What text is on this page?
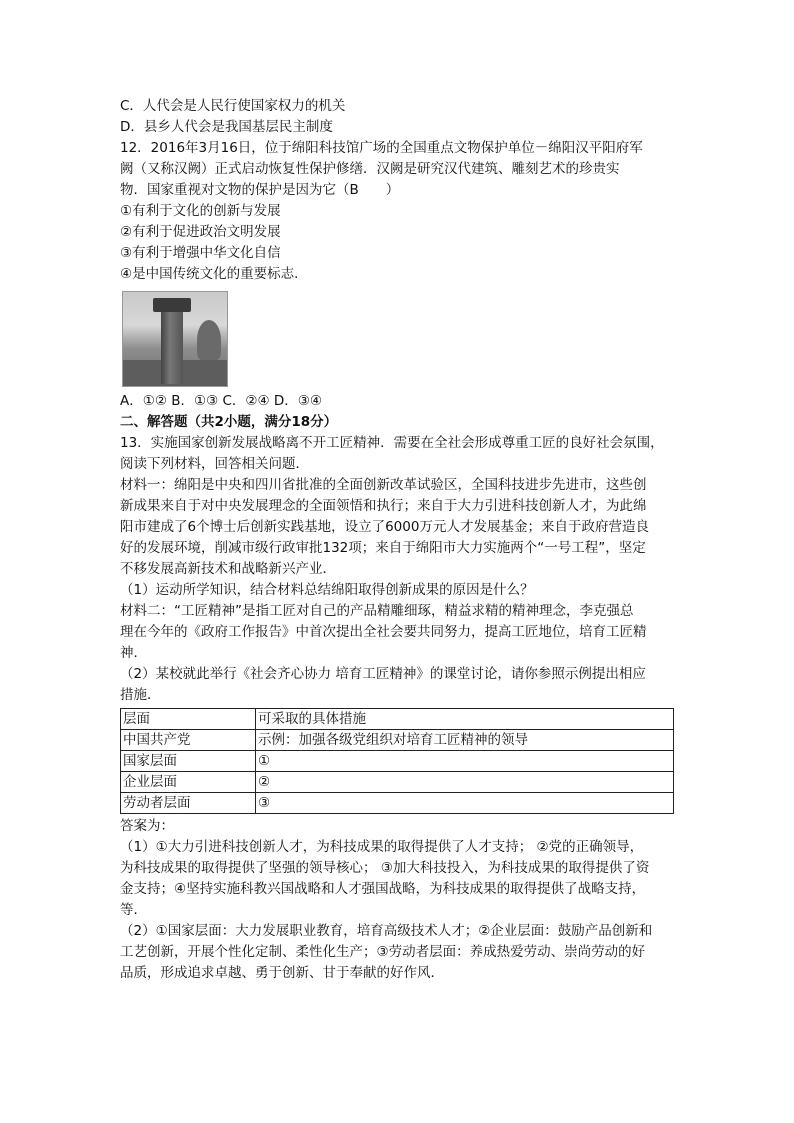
C．人代会是人民行使国家权力的机关
D．县乡人代会是我国基层民主制度
12．2016年3月16日，位于绵阳科技馆广场的全国重点文物保护单位－绵阳汉平阳府军
阙（又称汉阙）正式启动恢复性保护修缮．汉阙是研究汉代建筑、雕刻艺术的珍贵实
物．国家重视对文物的保护是因为它（B　　）
①有利于文化的创新与发展
②有利于促进政治文明发展
③有利于增强中华文化自信
④是中国传统文化的重要标志．
A．①② B．①③ C．②④ D．③④
二、解答题（共2小题，满分18分）
13．实施国家创新发展战略离不开工匠精神．需要在全社会形成尊重工匠的良好社会氛围，
阅读下列材料，回答相关问题．
材料一：绵阳是中央和四川省批准的全面创新改革试验区，全国科技进步先进市，这些创
新成果来自于对中央发展理念的全面领悟和执行；来自于大力引进科技创新人才，为此绵
阳市建成了6个博士后创新实践基地，设立了6000万元人才发展基金；来自于政府营造良
好的发展环境，削减市级行政审批132项；来自于绵阳市大力实施两个“一号工程”，坚定
不移发展高新技术和战略新兴产业．
（1）运动所学知识，结合材料总结绵阳取得创新成果的原因是什么？
材料二：“工匠精神”是指工匠对自己的产品精雕细琢，精益求精的精神理念，李克强总
理在今年的《政府工作报告》中首次提出全社会要共同努力，提高工匠地位，培育工匠精
神．
（2）某校就此举行《社会齐心协力 培育工匠精神》的课堂讨论，请你参照示例提出相应
措施．
层面	可采取的具体措施
中国共产党	示例：加强各级党组织对培育工匠精神的领导
国家层面	①
企业层面	②
劳动者层面	③
答案为：
（1）①大力引进科技创新人才，为科技成果的取得提供了人才支持； ②党的正确领导，
为科技成果的取得提供了坚强的领导核心； ③加大科技投入，为科技成果的取得提供了资
金支持；④坚持实施科教兴国战略和人才强国战略，为科技成果的取得提供了战略支持，
等．
（2）①国家层面：大力发展职业教育，培育高级技术人才；②企业层面：鼓励产品创新和
工艺创新，开展个性化定制、柔性化生产；③劳动者层面：养成热爱劳动、崇尚劳动的好
品质，形成追求卓越、勇于创新、甘于奉献的好作风．
